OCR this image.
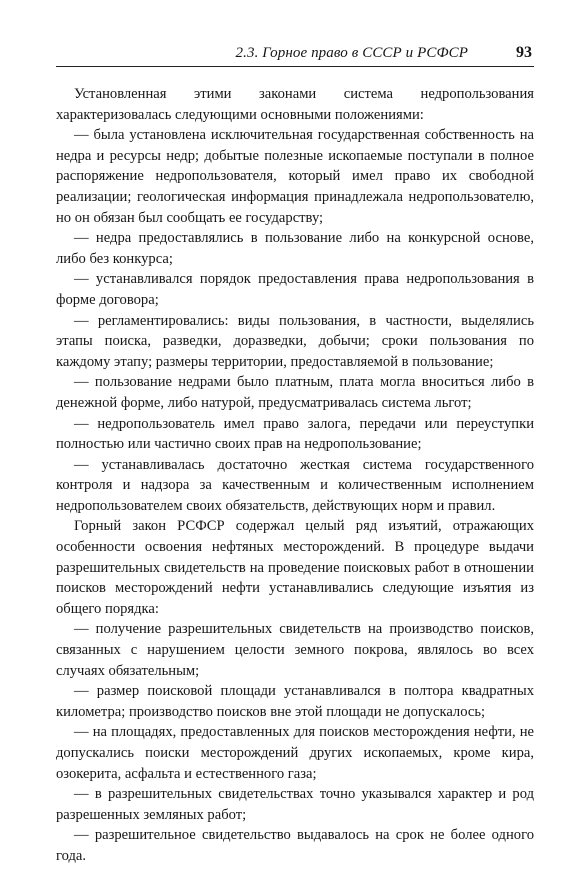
2.3. Горное право в СССР и РСФСР	93

Установленная этими законами система недропользования характеризовалась следующими основными положениями:

— была установлена исключительная государственная собственность на недра и ресурсы недр; добытые полезные ископаемые поступали в полное распоряжение недропользователя, который имел право их свободной реализации; геологическая информация принадлежала недропользователю, но он обязан был сообщать ее государству;

— недра предоставлялись в пользование либо на конкурсной основе, либо без конкурса;

— устанавливался порядок предоставления права недропользования в форме договора;

— регламентировались: виды пользования, в частности, выделялись этапы поиска, разведки, доразведки, добычи; сроки пользования по каждому этапу; размеры территории, предоставляемой в пользование;

— пользование недрами было платным, плата могла вноситься либо в денежной форме, либо натурой, предусматривалась система льгот;

— недропользователь имел право залога, передачи или переуступки полностью или частично своих прав на недропользование;

— устанавливалась достаточно жесткая система государственного контроля и надзора за качественным и количественным исполнением недропользователем своих обязательств, действующих норм и правил.

Горный закон РСФСР содержал целый ряд изъятий, отражающих особенности освоения нефтяных месторождений. В процедуре выдачи разрешительных свидетельств на проведение поисковых работ в отношении поисков месторождений нефти устанавливались следующие изъятия из общего порядка:

— получение разрешительных свидетельств на производство поисков, связанных с нарушением целости земного покрова, являлось во всех случаях обязательным;

— размер поисковой площади устанавливался в полтора квадратных километра; производство поисков вне этой площади не допускалось;

— на площадях, предоставленных для поисков месторождения нефти, не допускались поиски месторождений других ископаемых, кроме кира, озокерита, асфальта и естественного газа;

— в разрешительных свидетельствах точно указывался характер и род разрешенных земляных работ;

— разрешительное свидетельство выдавалось на срок не более одного года.
